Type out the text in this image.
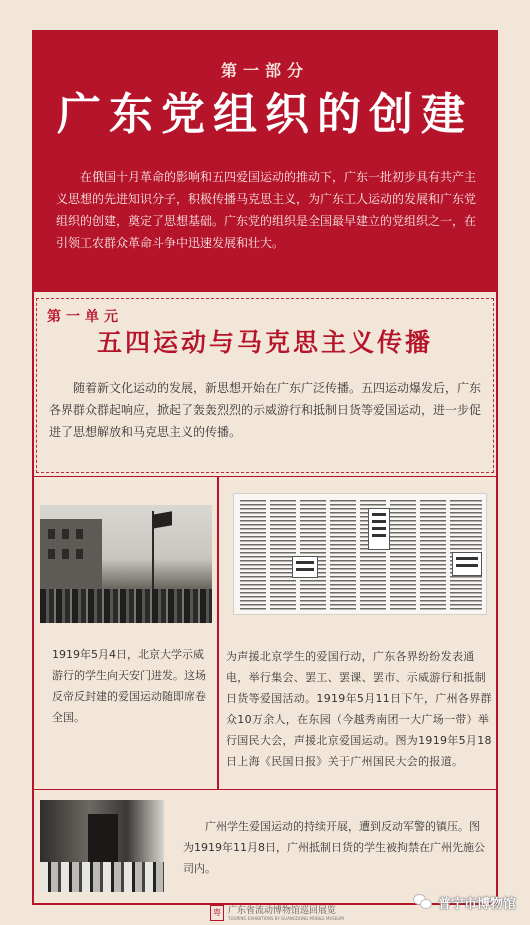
第一部分
广东党组织的创建

在俄国十月革命的影响和五四爱国运动的推动下，广东一批初步具有共产主义思想的先进知识分子，积极传播马克思主义，为广东工人运动的发展和广东党组织的创建，奠定了思想基础。广东党的组织是全国最早建立的党组织之一，在引领工农群众革命斗争中迅速发展和壮大。

第一单元
五四运动与马克思主义传播

随着新文化运动的发展，新思想开始在广东广泛传播。五四运动爆发后，广东各界群众群起响应，掀起了轰轰烈烈的示威游行和抵制日货等爱国运动，进一步促进了思想解放和马克思主义的传播。

1919年5月4日，北京大学示威游行的学生向天安门进发。这场反帝反封建的爱国运动随即席卷全国。

为声援北京学生的爱国行动，广东各界纷纷发表通电，举行集会、罢工、罢课、罢市、示威游行和抵制日货等爱国活动。1919年5月11日下午，广州各界群众10万余人，在东园（今越秀南团一大广场一带）举行国民大会，声援北京爱国运动。图为1919年5月18日上海《民国日报》关于广州国民大会的报道。

广州学生爱国运动的持续开展，遭到反动军警的镇压。图为1919年11月8日，广州抵制日货的学生被拘禁在广州先施公司内。

粤 广东省流动博物馆巡回展览
TOURING EXHIBITIONS BY GUANGDONG MOBILE MUSEUM
普宁市博物馆
